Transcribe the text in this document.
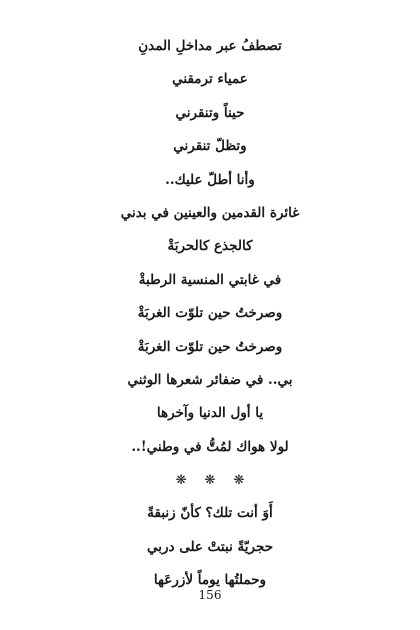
تصطفُ عبر مداخلِ المدنِ
عمياء ترمقني
حيناً وتنقرني
وتظلّ تنقرني
وأنا أطلّ عليك..
غائرة القدمين والعينين في بدني
كالجذع كالحربَةْ
في غابتي المنسية الرطبةْ
وصرختُ حين تلوّت الغربَةْ
وصرختُ حين تلوّت الغربَةْ
بي.. في ضفائر شعرها الوثني
يا أول الدنيا وآخرها
لولا هواك لمُتُّ في وطني!..
❋ ❋ ❋
أَوَ أنت تلك؟ كأنّ زنبقةً
حجريّةً نبتتْ على دربي
وحملتُها يوماً لأزرعَها
156
